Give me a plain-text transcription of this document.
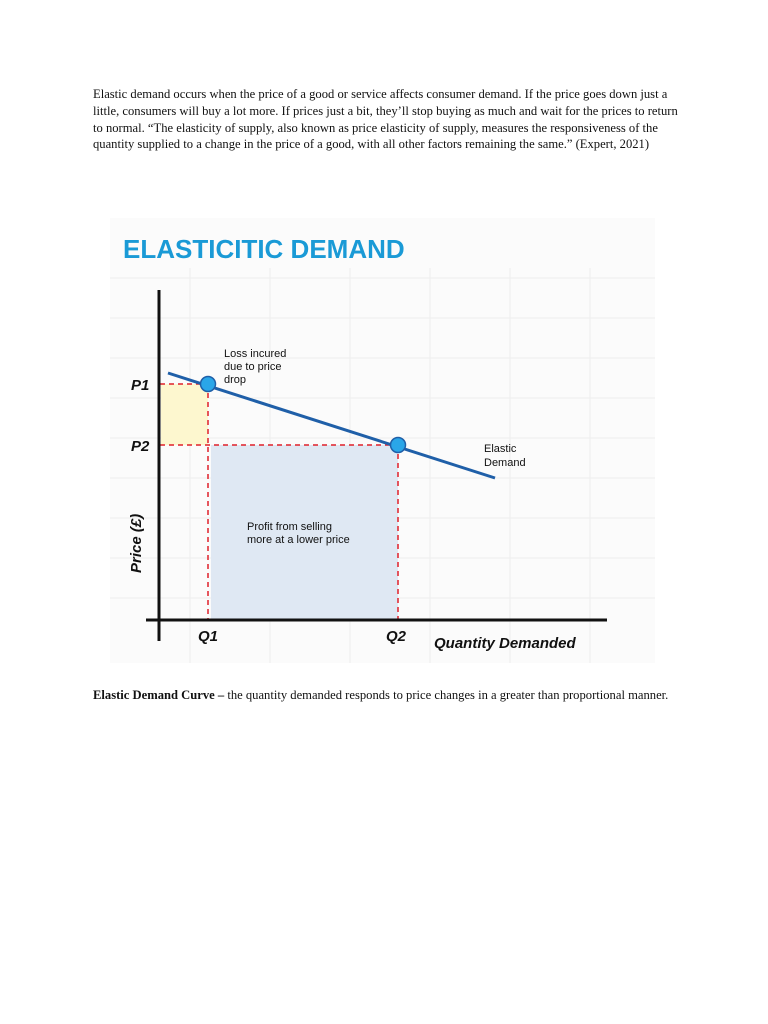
Elastic demand occurs when the price of a good or service affects consumer demand. If the price goes down just a little, consumers will buy a lot more. If prices just a bit, they’ll stop buying as much and wait for the prices to return to normal. “The elasticity of supply, also known as price elasticity of supply, measures the responsiveness of the quantity supplied to a change in the price of a good, with all other factors remaining the same.” (Expert, 2021)

ELASTICITIC DEMAND
P1
P2
Q1	Q2 Quantity Demanded
Price (£)
Loss incured
due to price
drop
Elastic
Demand
Profit from selling
more at a lower price

Elastic Demand Curve – the quantity demanded responds to price changes in a greater than proportional manner.
